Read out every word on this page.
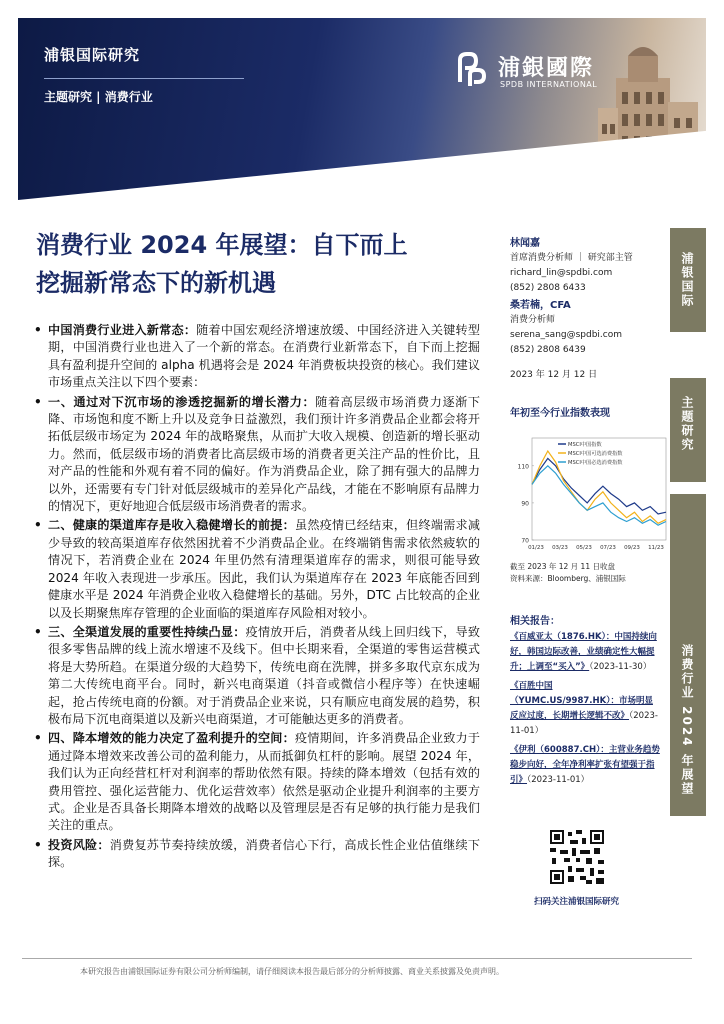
浦银国际研究
主题研究 | 消费行业
浦銀國際
SPDB INTERNATIONAL
浦银国际
主题研究
消费行业 2024 年展望
消费行业 2024 年展望：自下而上
挖掘新常态下的新机遇
• 中国消费行业进入新常态：随着中国宏观经济增速放缓、中国经济进入关键转型期，中国消费行业也进入了一个新的常态。在消费行业新常态下，自下而上挖掘具有盈利提升空间的 alpha 机遇将会是 2024 年消费板块投资的核心。我们建议市场重点关注以下四个要素：
• 一、通过对下沉市场的渗透挖掘新的增长潜力：随着高层级市场消费力逐渐下降、市场饱和度不断上升以及竞争日益激烈，我们预计许多消费品企业都会将开拓低层级市场定为 2024 年的战略聚焦，从而扩大收入规模、创造新的增长驱动力。然而，低层级市场的消费者比高层级市场的消费者更关注产品的性价比，且对产品的性能和外观有着不同的偏好。作为消费品企业，除了拥有强大的品牌力以外，还需要有专门针对低层级城市的差异化产品线，才能在不影响原有品牌力的情况下，更好地迎合低层级市场消费者的需求。
• 二、健康的渠道库存是收入稳健增长的前提：虽然疫情已经结束，但终端需求减少导致的较高渠道库存依然困扰着不少消费品企业。在终端销售需求依然疲软的情况下，若消费企业在 2024 年里仍然有清理渠道库存的需求，则很可能导致 2024 年收入表现进一步承压。因此，我们认为渠道库存在 2023 年底能否回到健康水平是 2024 年消费企业收入稳健增长的基础。另外，DTC 占比较高的企业以及长期聚焦库存管理的企业面临的渠道库存风险相对较小。
• 三、全渠道发展的重要性持续凸显：疫情放开后，消费者从线上回归线下，导致很多零售品牌的线上流水增速不及线下。但中长期来看，全渠道的零售运营模式将是大势所趋。在渠道分级的大趋势下，传统电商在洗牌，拼多多取代京东成为第二大传统电商平台。同时，新兴电商渠道（抖音或微信小程序等）在快速崛起，抢占传统电商的份额。对于消费品企业来说，只有顺应电商发展的趋势，积极布局下沉电商渠道以及新兴电商渠道，才可能触达更多的消费者。
• 四、降本增效的能力决定了盈利提升的空间：疫情期间，许多消费品企业致力于通过降本增效来改善公司的盈利能力，从而抵御负杠杆的影响。展望 2024 年，我们认为正向经营杠杆对利润率的帮助依然有限。持续的降本增效（包括有效的费用管控、强化运营能力、优化运营效率）依然是驱动企业提升利润率的主要方式。企业是否具备长期降本增效的战略以及管理层是否有足够的执行能力是我们关注的重点。
• 投资风险：消费复苏节奏持续放缓，消费者信心下行，高成长性企业估值继续下探。
林闻嘉
首席消费分析师 ｜ 研究部主管
richard_lin@spdbi.com
(852) 2808 6433
桑若楠，CFA
消费分析师
serena_sang@spdbi.com
(852) 2808 6439
2023 年 12 月 12 日
年初至今行业指数表现
70
90
110
01/23 03/23 05/23 07/23 09/23 11/23
MSCI中国指数
MSCI中国可选消费指数
MSCI中国必选消费指数
截至 2023 年 12 月 11 日收盘
资料来源：Bloomberg、浦银国际
相关报告：
《百威亚太（1876.HK）：中国持续向好，韩国边际改善，业绩确定性大幅提升；上调至“买入”》（2023-11-30）
《百胜中国（YUMC.US/9987.HK）：市场明显反应过度，长期增长逻辑不改》（2023-11-01）
《伊利（600887.CH）：主营业务趋势稳步向好，全年净利率扩张有望强于指引》（2023-11-01）
扫码关注浦银国际研究
本研究报告由浦银国际证券有限公司分析师编制，请仔细阅读本报告最后部分的分析师披露、商业关系披露及免责声明。
